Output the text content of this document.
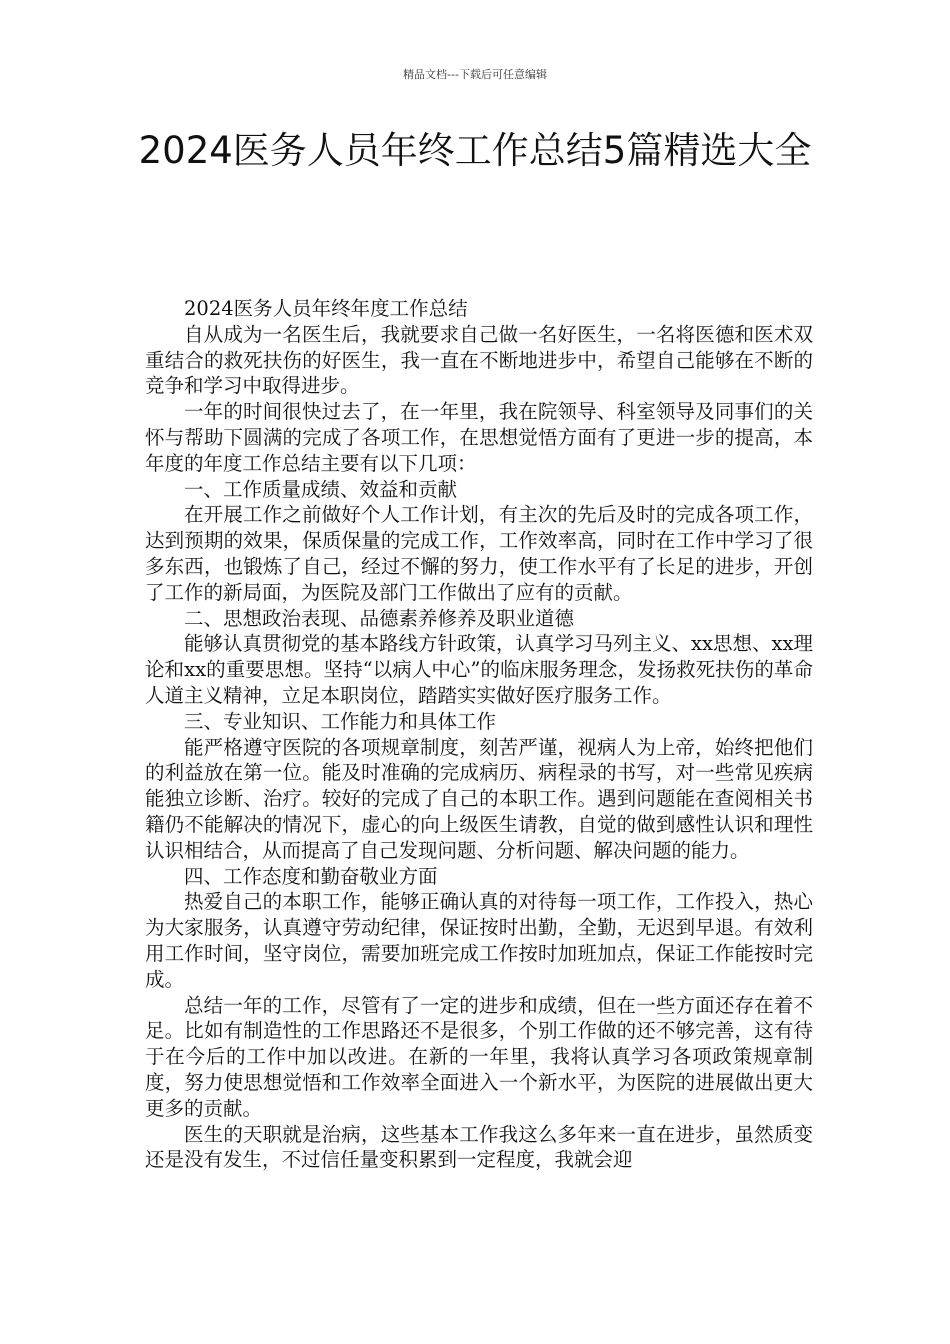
精品文档---下载后可任意编辑
2024医务人员年终工作总结5篇精选大全

2024医务人员年终年度工作总结

自从成为一名医生后，我就要求自己做一名好医生，一名将医德和医术双重结合的救死扶伤的好医生，我一直在不断地进步中，希望自己能够在不断的竞争和学习中取得进步。

一年的时间很快过去了，在一年里，我在院领导、科室领导及同事们的关怀与帮助下圆满的完成了各项工作，在思想觉悟方面有了更进一步的提高，本年度的年度工作总结主要有以下几项：

一、工作质量成绩、效益和贡献

在开展工作之前做好个人工作计划，有主次的先后及时的完成各项工作，达到预期的效果，保质保量的完成工作，工作效率高，同时在工作中学习了很多东西，也锻炼了自己，经过不懈的努力，使工作水平有了长足的进步，开创了工作的新局面，为医院及部门工作做出了应有的贡献。

二、思想政治表现、品德素养修养及职业道德

能够认真贯彻党的基本路线方针政策，认真学习马列主义、xx思想、xx理论和xx的重要思想。坚持“以病人中心”的临床服务理念，发扬救死扶伤的革命人道主义精神，立足本职岗位，踏踏实实做好医疗服务工作。

三、专业知识、工作能力和具体工作

能严格遵守医院的各项规章制度，刻苦严谨，视病人为上帝，始终把他们的利益放在第一位。能及时准确的完成病历、病程录的书写，对一些常见疾病能独立诊断、治疗。较好的完成了自己的本职工作。遇到问题能在查阅相关书籍仍不能解决的情况下，虚心的向上级医生请教，自觉的做到感性认识和理性认识相结合，从而提高了自己发现问题、分析问题、解决问题的能力。

四、工作态度和勤奋敬业方面

热爱自己的本职工作，能够正确认真的对待每一项工作，工作投入，热心为大家服务，认真遵守劳动纪律，保证按时出勤，全勤，无迟到早退。有效利用工作时间，坚守岗位，需要加班完成工作按时加班加点，保证工作能按时完成。

总结一年的工作，尽管有了一定的进步和成绩，但在一些方面还存在着不足。比如有制造性的工作思路还不是很多，个别工作做的还不够完善，这有待于在今后的工作中加以改进。在新的一年里，我将认真学习各项政策规章制度，努力使思想觉悟和工作效率全面进入一个新水平，为医院的进展做出更大更多的贡献。

医生的天职就是治病，这些基本工作我这么多年来一直在进步，虽然质变还是没有发生，不过信任量变积累到一定程度，我就会迎
